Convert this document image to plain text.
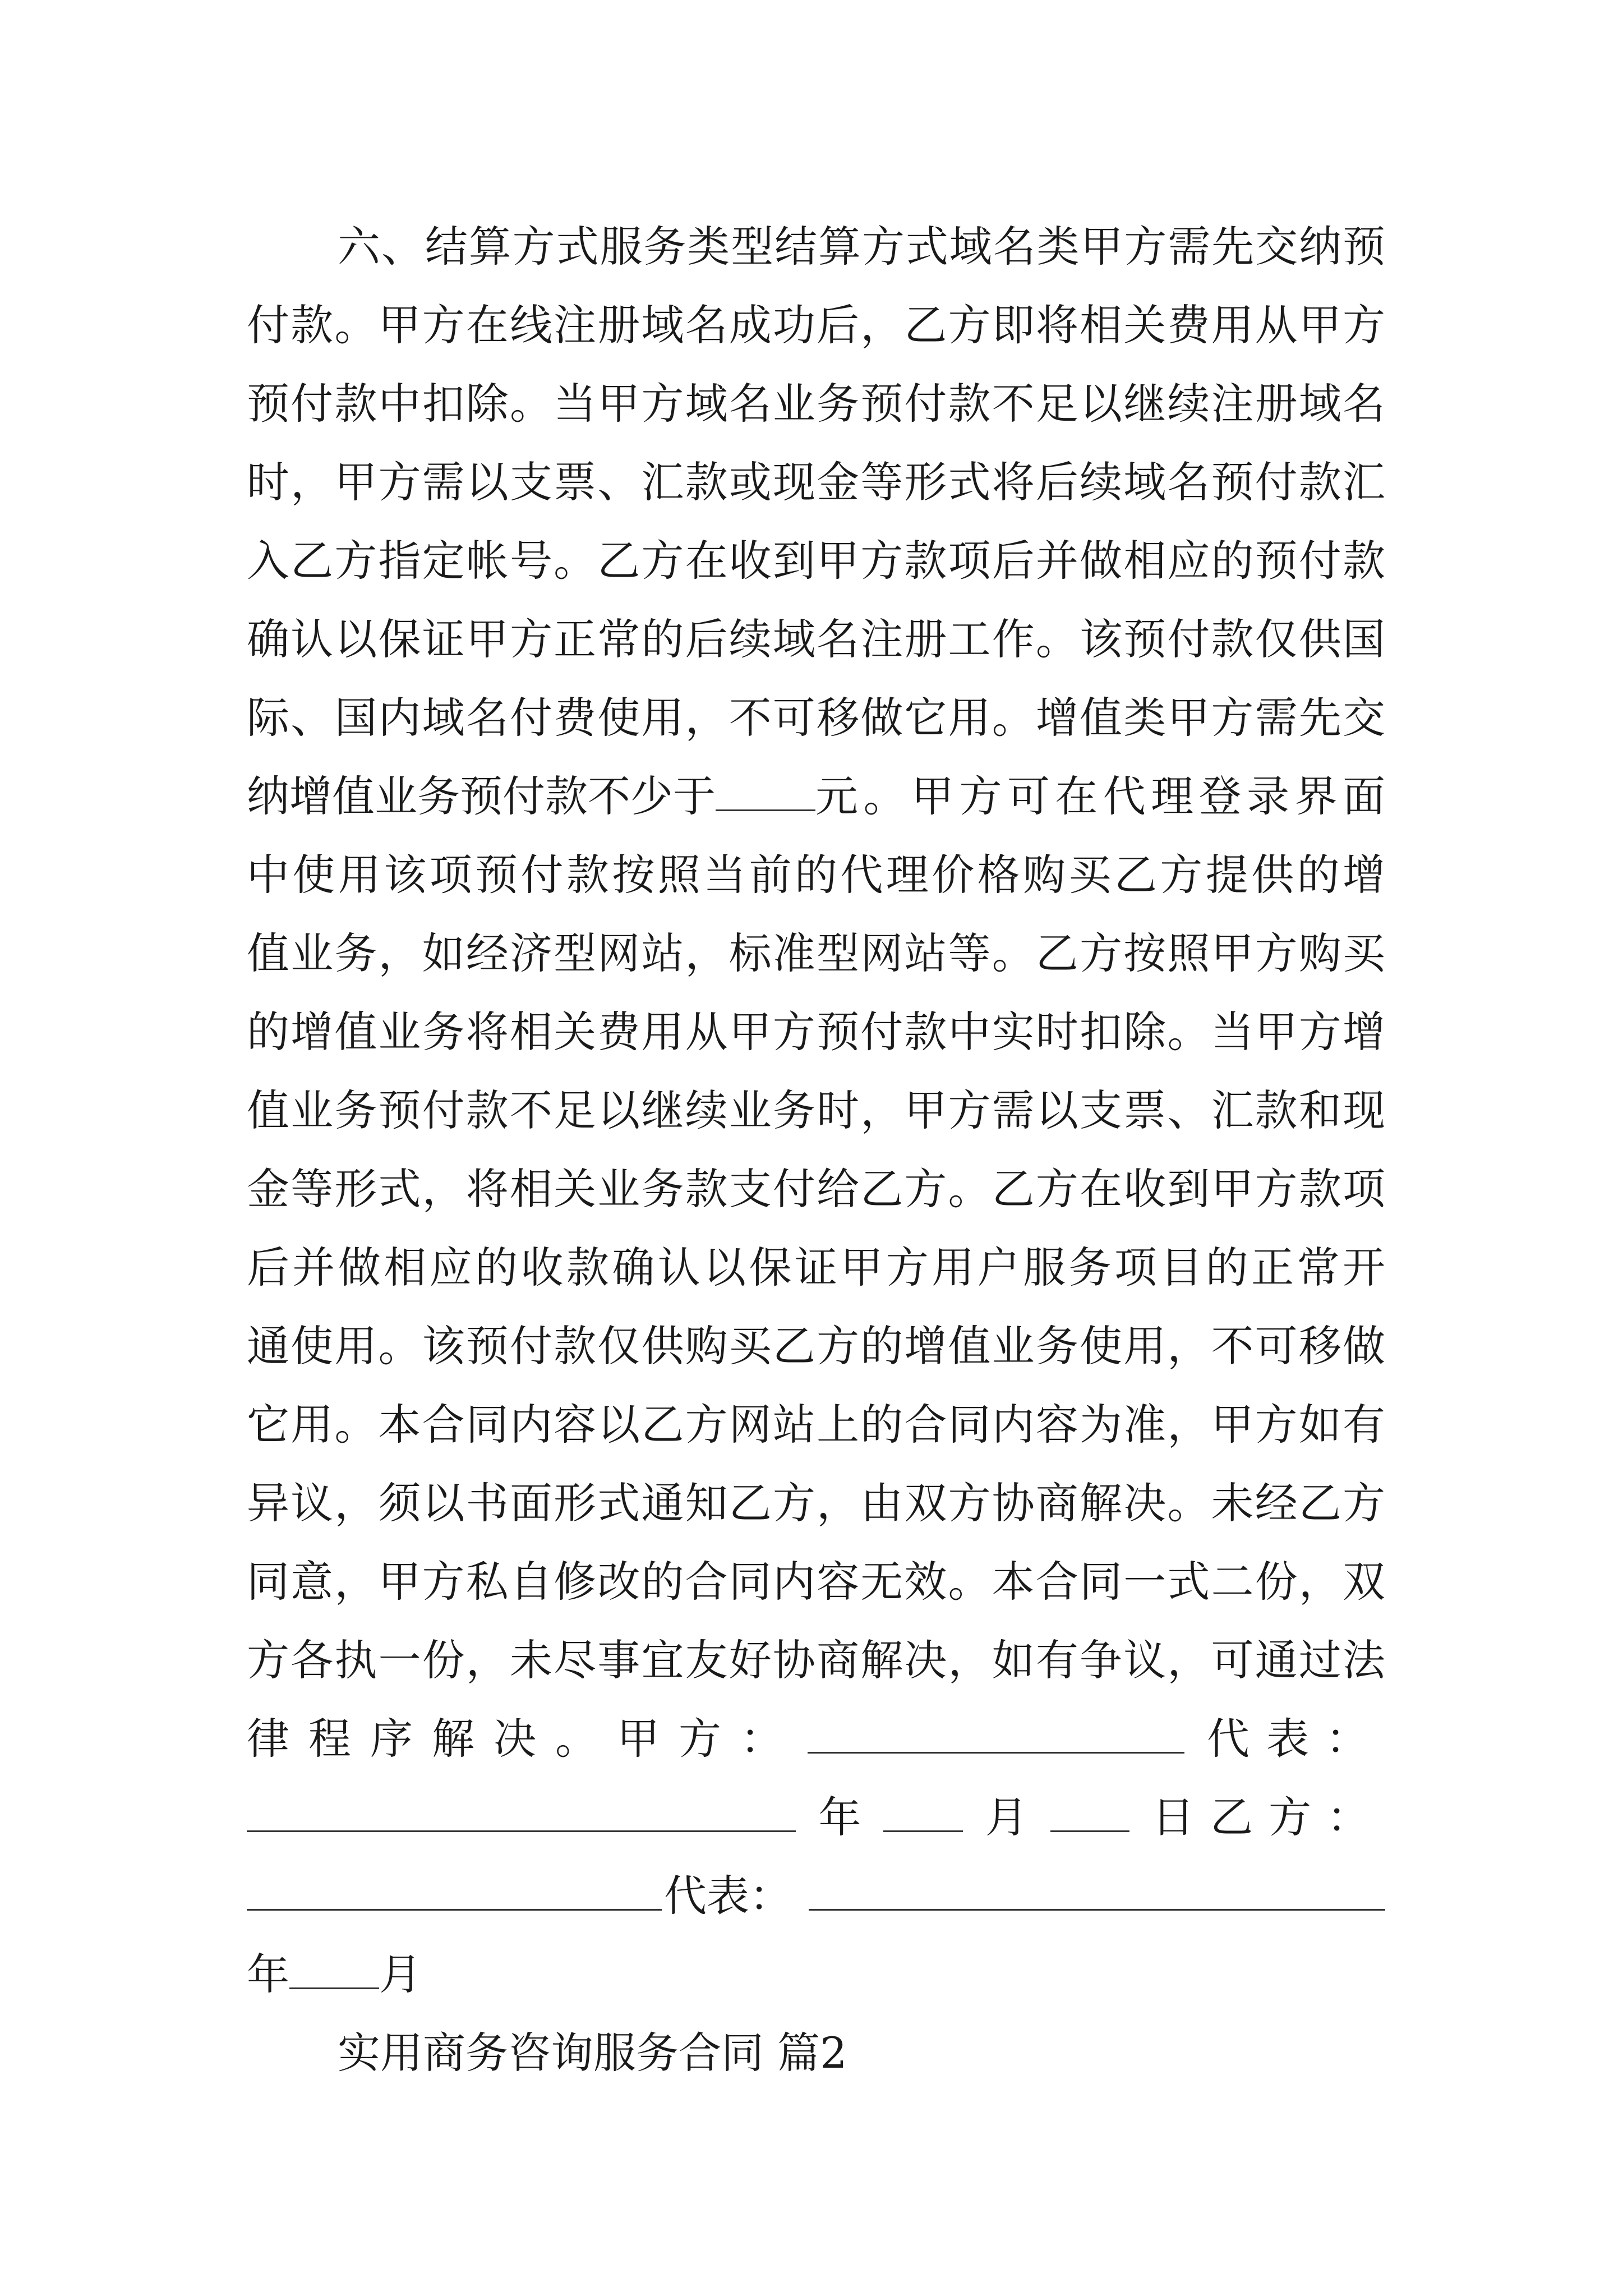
六、结算方式服务类型结算方式域名类甲方需先交纳预
付款。甲方在线注册域名成功后，乙方即将相关费用从甲方
预付款中扣除。当甲方域名业务预付款不足以继续注册域名
时，甲方需以支票、汇款或现金等形式将后续域名预付款汇
入乙方指定帐号。乙方在收到甲方款项后并做相应的预付款
确认以保证甲方正常的后续域名注册工作。该预付款仅供国
际、国内域名付费使用，不可移做它用。增值类甲方需先交
纳增值业务预付款不少于 元。甲方可在代理登录界面
中使用该项预付款按照当前的代理价格购买乙方提供的增
值业务，如经济型网站，标准型网站等。乙方按照甲方购买
的增值业务将相关费用从甲方预付款中实时扣除。当甲方增
值业务预付款不足以继续业务时，甲方需以支票、汇款和现
金等形式，将相关业务款支付给乙方。乙方在收到甲方款项
后并做相应的收款确认以保证甲方用户服务项目的正常开
通使用。该预付款仅供购买乙方的增值业务使用，不可移做
它用。本合同内容以乙方网站上的合同内容为准，甲方如有
异议，须以书面形式通知乙方，由双方协商解决。未经乙方
同意，甲方私自修改的合同内容无效。本合同一式二份，双
方各执一份，未尽事宜友好协商解决，如有争议，可通过法
律程序解决。甲方：	代表：
年	月	日乙方：
代表：
年 月
实用商务咨询服务合同 篇2
